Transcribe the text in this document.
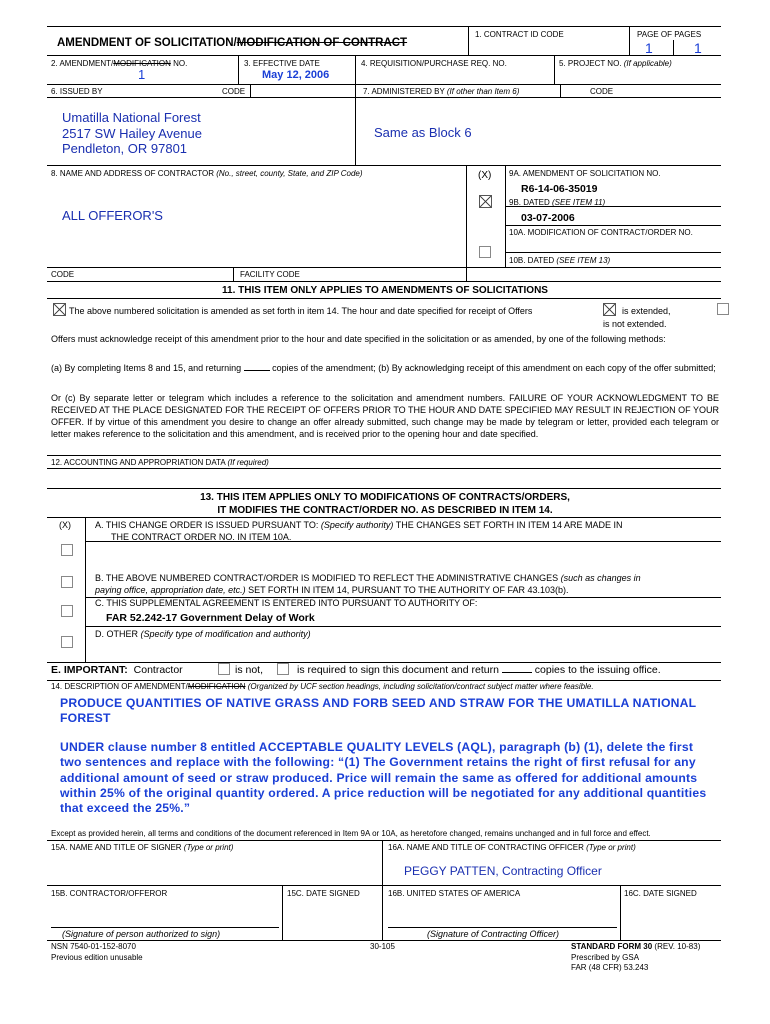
AMENDMENT OF SOLICITATION/MODIFICATION OF CONTRACT
1. CONTRACT ID CODE	PAGE OF PAGES
1	1
2. AMENDMENT/MODIFICATION NO.
1
3. EFFECTIVE DATE
May 12, 2006
4. REQUISITION/PURCHASE REQ. NO.	5. PROJECT NO. (If applicable)
6. ISSUED BY	CODE	7. ADMINISTERED BY (If other than Item 6)	CODE
Umatilla National Forest
2517 SW Hailey Avenue
Pendleton, OR 97801
Same as Block 6
8. NAME AND ADDRESS OF CONTRACTOR (No., street, county, State, and ZIP Code)
ALL OFFEROR'S
(X) 9A. AMENDMENT OF SOLICITATION NO.
R6-14-06-35019
9B. DATED (SEE ITEM 11)
03-07-2006
10A. MODIFICATION OF CONTRACT/ORDER NO.
10B. DATED (SEE ITEM 13)
CODE	FACILITY CODE
11. THIS ITEM ONLY APPLIES TO AMENDMENTS OF SOLICITATIONS
The above numbered solicitation is amended as set forth in item 14. The hour and date specified for receipt of Offers	is extended,
is not extended.
Offers must acknowledge receipt of this amendment prior to the hour and date specified in the solicitation or as amended, by one of the following methods:
(a) By completing Items 8 and 15, and returning	copies of the amendment; (b) By acknowledging receipt of this amendment on each copy of the offer submitted;
Or (c) By separate letter or telegram which includes a reference to the solicitation and amendment numbers. FAILURE OF YOUR ACKNOWLEDGMENT TO BE RECEIVED AT THE PLACE DESIGNATED FOR THE RECEIPT OF OFFERS PRIOR TO THE HOUR AND DATE SPECIFIED MAY RESULT IN REJECTION OF YOUR OFFER. If by virtue of this amendment you desire to change an offer already submitted, such change may be made by telegram or letter, provided each telegram or letter makes reference to the solicitation and this amendment, and is received prior to the opening hour and date specified.
12. ACCOUNTING AND APPROPRIATION DATA (If required)
13. THIS ITEM APPLIES ONLY TO MODIFICATIONS OF CONTRACTS/ORDERS,
IT MODIFIES THE CONTRACT/ORDER NO. AS DESCRIBED IN ITEM 14.
(X)	A. THIS CHANGE ORDER IS ISSUED PURSUANT TO: (Specify authority) THE CHANGES SET FORTH IN ITEM 14 ARE MADE IN
THE CONTRACT ORDER NO. IN ITEM 10A.
B. THE ABOVE NUMBERED CONTRACT/ORDER IS MODIFIED TO REFLECT THE ADMINISTRATIVE CHANGES (such as changes in
paying office, appropriation date, etc.) SET FORTH IN ITEM 14, PURSUANT TO THE AUTHORITY OF FAR 43.103(b).
C. THIS SUPPLEMENTAL AGREEMENT IS ENTERED INTO PURSUANT TO AUTHORITY OF:
FAR 52.242-17 Government Delay of Work
D. OTHER (Specify type of modification and authority)
E. IMPORTANT: Contractor	is not,	is required to sign this document and return	copies to the issuing office.
14. DESCRIPTION OF AMENDMENT/MODIFICATION (Organized by UCF section headings, including solicitation/contract subject matter where feasible.
PRODUCE QUANTITIES OF NATIVE GRASS AND FORB SEED AND STRAW FOR THE UMATILLA NATIONAL FOREST
UNDER clause number 8 entitled ACCEPTABLE QUALITY LEVELS (AQL), paragraph (b) (1), delete the first two sentences and replace with the following: “(1) The Government retains the right of first refusal for any additional amount of seed or straw produced. Price will remain the same as offered for additional amounts within 25% of the original quantity ordered. A price reduction will be negotiated for any additional quantities that exceed the 25%.”
Except as provided herein, all terms and conditions of the document referenced in Item 9A or 10A, as heretofore changed, remains unchanged and in full force and effect.
15A. NAME AND TITLE OF SIGNER (Type or print)	16A. NAME AND TITLE OF CONTRACTING OFFICER (Type or print)
PEGGY PATTEN, Contracting Officer
15B. CONTRACTOR/OFFEROR	15C. DATE SIGNED	16B. UNITED STATES OF AMERICA	16C. DATE SIGNED
(Signature of person authorized to sign)	(Signature of Contracting Officer)
NSN 7540-01-152-8070
Previous edition unusable
30-105	STANDARD FORM 30 (REV. 10-83)
Prescribed by GSA
FAR (48 CFR) 53.243
